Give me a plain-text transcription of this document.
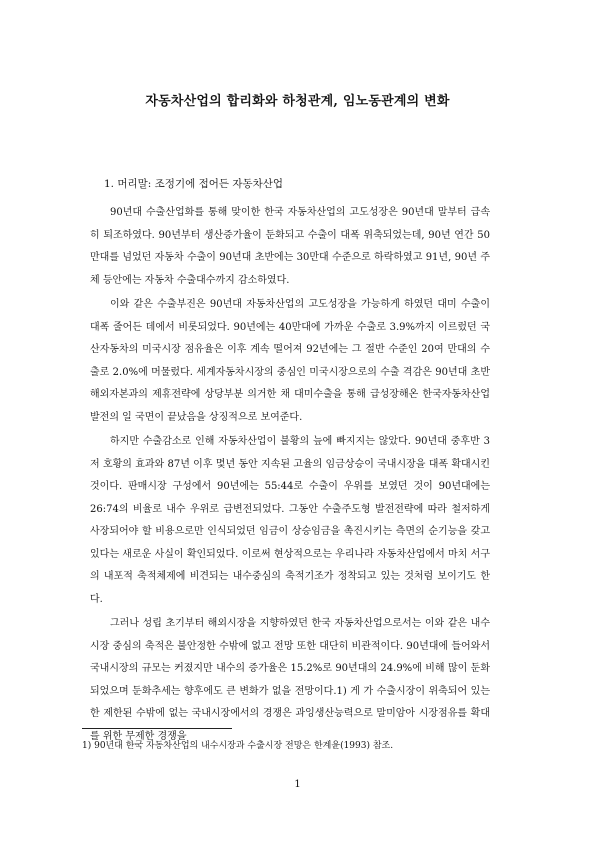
자동차산업의 합리화와 하청관계, 임노동관계의 변화
1. 머리말: 조정기에 접어든 자동차산업

90년대 수출산업화를 통해 맞이한 한국 자동차산업의 고도성장은 90년대 말부터 급속히 퇴조하였다. 90년부터 생산증가율이 둔화되고 수출이 대폭 위축되었는데, 90년 연간 50만대를 넘었던 자동차 수출이 90년대 초반에는 30만대 수준으로 하락하였고 91년, 90년 주체 등안에는 자동차 수출대수까지 감소하였다.

이와 같은 수출부진은 90년대 자동차산업의 고도성장을 가능하게 하였던 대미 수출이 대폭 줄어든 데에서 비롯되었다. 90년에는 40만대에 가까운 수출로 3.9%까지 이르렀던 국산자동차의 미국시장 점유율은 이후 계속 떨어져 92년에는 그 절반 수준인 20여 만대의 수출로 2.0%에 머물렀다. 세계자동차시장의 중심인 미국시장으로의 수출 격감은 90년대 초반 해외자본과의 제휴전략에 상당부분 의거한 채 대미수출을 통해 급성장해온 한국자동차산업 발전의 일 국면이 끝났음을 상징적으로 보여준다.

하지만 수출감소로 인해 자동차산업이 불황의 늪에 빠지지는 않았다. 90년대 중후반 3저 호황의 효과와 87년 이후 몇년 동안 지속된 고율의 임금상승이 국내시장을 대폭 확대시킨 것이다. 판매시장 구성에서 90년에는 55:44로 수출이 우위를 보였던 것이 90년대에는 26:74의 비율로 내수 우위로 급변전되었다. 그동안 수출주도형 발전전략에 따라 철저하게 사장되어야 할 비용으로만 인식되었던 임금이 상승임금을 촉진시키는 측면의 순기능을 갖고 있다는 새로운 사실이 확인되었다. 이로써 현상적으로는 우리나라 자동차산업에서 마치 서구의 내포적 축적체제에 비견되는 내수중심의 축적기조가 정착되고 있는 것처럼 보이기도 한다.

그러나 성립 초기부터 해외시장을 지향하였던 한국 자동차산업으로서는 이와 같은 내수시장 중심의 축적은 불안정한 수밖에 없고 전망 또한 대단히 비관적이다. 90년대에 들어와서 국내시장의 규모는 커졌지만 내수의 증가율은 15.2%로 90년대의 24.9%에 비해 많이 둔화되었으며 둔화추세는 향후에도 큰 변화가 없을 전망이다.1) 게 가 수출시장이 위축되어 있는 한 제한된 수밖에 없는 국내시장에서의 경쟁은 과잉생산능력으로 말미암아 시장점유를 확대를 위한 무제한 경쟁을

1) 90년대 한국 자동차산업의 내수시장과 수출시장 전망은 한계윤(1993) 참조.
1
